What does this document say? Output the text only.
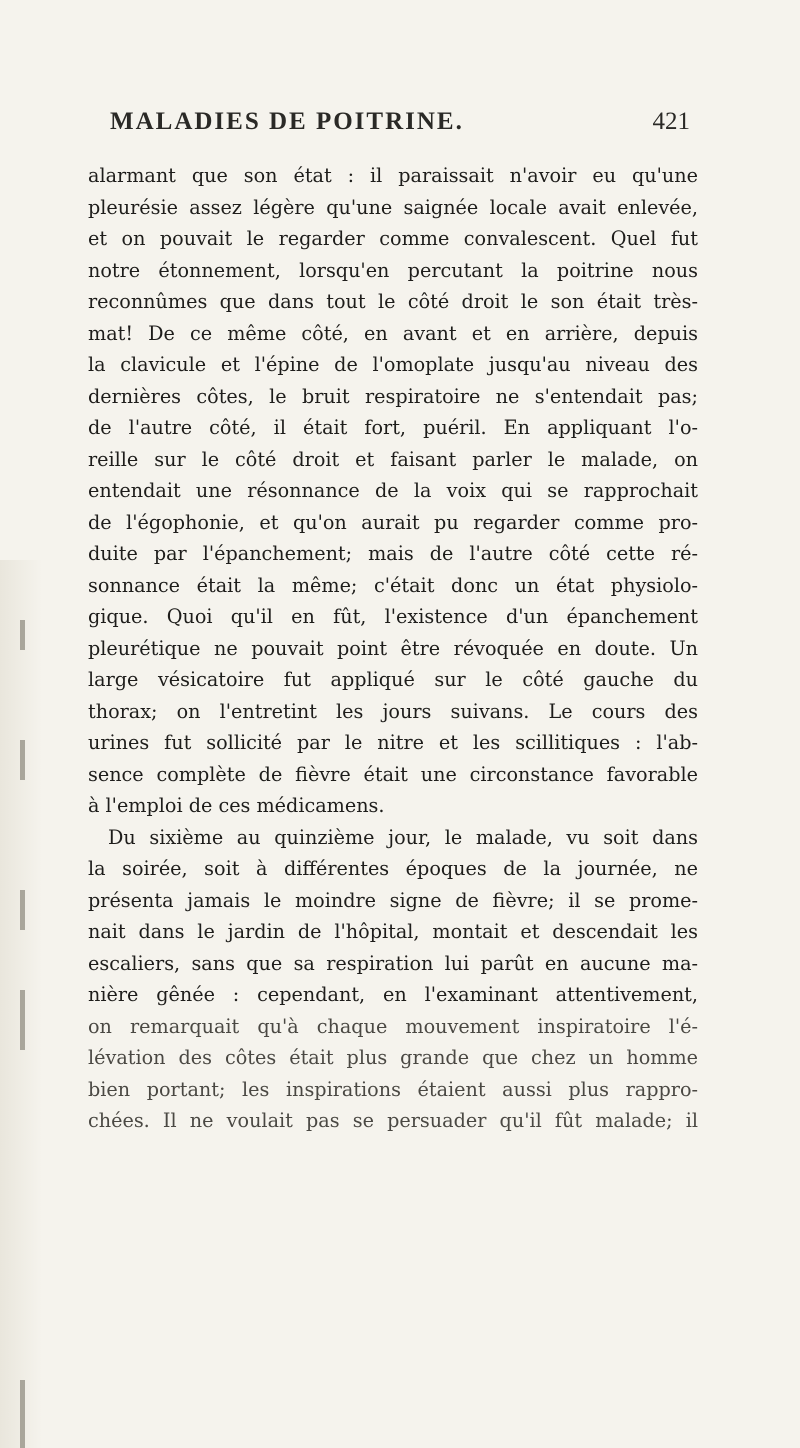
MALADIES DE POITRINE.	421
alarmant que son état : il paraissait n'avoir eu qu'une
pleurésie assez légère qu'une saignée locale avait enlevée,
et on pouvait le regarder comme convalescent. Quel fut
notre étonnement, lorsqu'en percutant la poitrine nous
reconnûmes que dans tout le côté droit le son était très-
mat! De ce même côté, en avant et en arrière, depuis
la clavicule et l'épine de l'omoplate jusqu'au niveau des
dernières côtes, le bruit respiratoire ne s'entendait pas;
de l'autre côté, il était fort, puéril. En appliquant l'o-
reille sur le côté droit et faisant parler le malade, on
entendait une résonnance de la voix qui se rapprochait
de l'égophonie, et qu'on aurait pu regarder comme pro-
duite par l'épanchement; mais de l'autre côté cette ré-
sonnance était la même; c'était donc un état physiolo-
gique. Quoi qu'il en fût, l'existence d'un épanchement
pleurétique ne pouvait point être révoquée en doute. Un
large vésicatoire fut appliqué sur le côté gauche du
thorax; on l'entretint les jours suivans. Le cours des
urines fut sollicité par le nitre et les scillitiques : l'ab-
sence complète de fièvre était une circonstance favorable
à l'emploi de ces médicamens.
Du sixième au quinzième jour, le malade, vu soit dans
la soirée, soit à différentes époques de la journée, ne
présenta jamais le moindre signe de fièvre; il se prome-
nait dans le jardin de l'hôpital, montait et descendait les
escaliers, sans que sa respiration lui parût en aucune ma-
nière gênée : cependant, en l'examinant attentivement,
on remarquait qu'à chaque mouvement inspiratoire l'é-
lévation des côtes était plus grande que chez un homme
bien portant; les inspirations étaient aussi plus rappro-
chées. Il ne voulait pas se persuader qu'il fût malade; il
